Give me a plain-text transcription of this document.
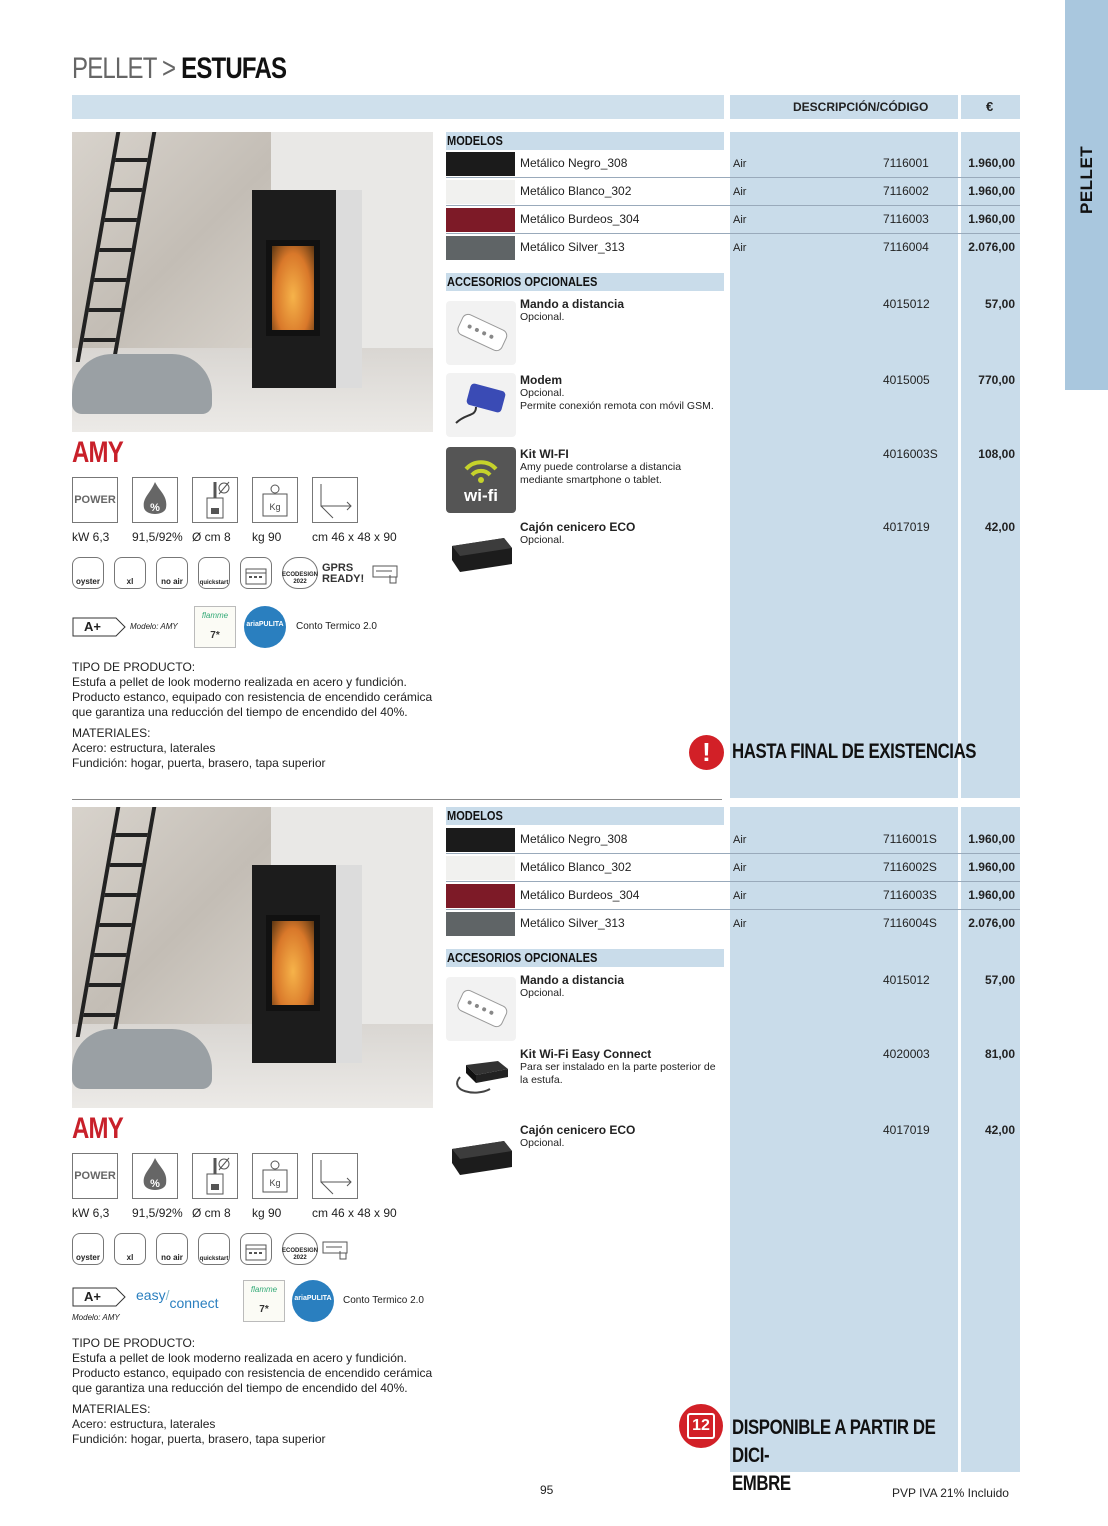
PELLET
PELLET > ESTUFAS
DESCRIPCIÓN/CÓDIGO	€
AMY
POWER
%	Kg
kW 6,3 91,5/92% Ø cm 8 kg 90	cm 46 x 48 x 90
oyster	xl	no air	quickstart
ECODESIGN 2022
GPRS READY!
A+	Modelo: AMY
flamme
7*
ariaPULITA Conto Termico 2.0
TIPO DE PRODUCTO:
Estufa a pellet de look moderno realizada en acero y fundición. Producto estanco, equipado con resistencia de encendido cerámica que garantiza una reducción del tiempo de encendido del 40%.
MATERIALES:
Acero: estructura, laterales
Fundición: hogar, puerta, brasero, tapa superior
MODELOS
Metálico Negro_308	Air	7116001	1.960,00
Metálico Blanco_302	Air	7116002	1.960,00
Metálico Burdeos_304	Air	7116003	1.960,00
Metálico Silver_313	Air	7116004	2.076,00
ACCESORIOS OPCIONALES
Mando a distancia
Opcional.
4015012	57,00
Modem
Opcional.
Permite conexión remota con móvil GSM.
4015005	770,00
wi-fi
Kit WI-FI
Amy puede controlarse a distancia mediante smartphone o tablet.
4016003S	108,00
Cajón cenicero ECO
Opcional.
4017019	42,00
!	HASTA FINAL DE EXISTENCIAS
AMY
POWER
%	Kg
kW 6,3 91,5/92% Ø cm 8 kg 90	cm 46 x 48 x 90
oyster	xl	no air	quickstart
ECODESIGN 2022
A+
Modelo: AMY
easy/connect
flamme
7*
ariaPULITA Conto Termico 2.0
TIPO DE PRODUCTO:
Estufa a pellet de look moderno realizada en acero y fundición. Producto estanco, equipado con resistencia de encendido cerámica que garantiza una reducción del tiempo de encendido del 40%.
MATERIALES:
Acero: estructura, laterales
Fundición: hogar, puerta, brasero, tapa superior
MODELOS
Metálico Negro_308	Air	7116001S	1.960,00
Metálico Blanco_302	Air	7116002S	1.960,00
Metálico Burdeos_304	Air	7116003S	1.960,00
Metálico Silver_313	Air	7116004S	2.076,00
ACCESORIOS OPCIONALES
Mando a distancia
Opcional.
4015012	57,00
Kit Wi-Fi Easy Connect
Para ser instalado en la parte posterior de la estufa.
4020003	81,00
Cajón cenicero ECO
Opcional.
4017019	42,00
12 DISPONIBLE A PARTIR DE DICI-
EMBRE
95	PVP IVA 21% Incluido
